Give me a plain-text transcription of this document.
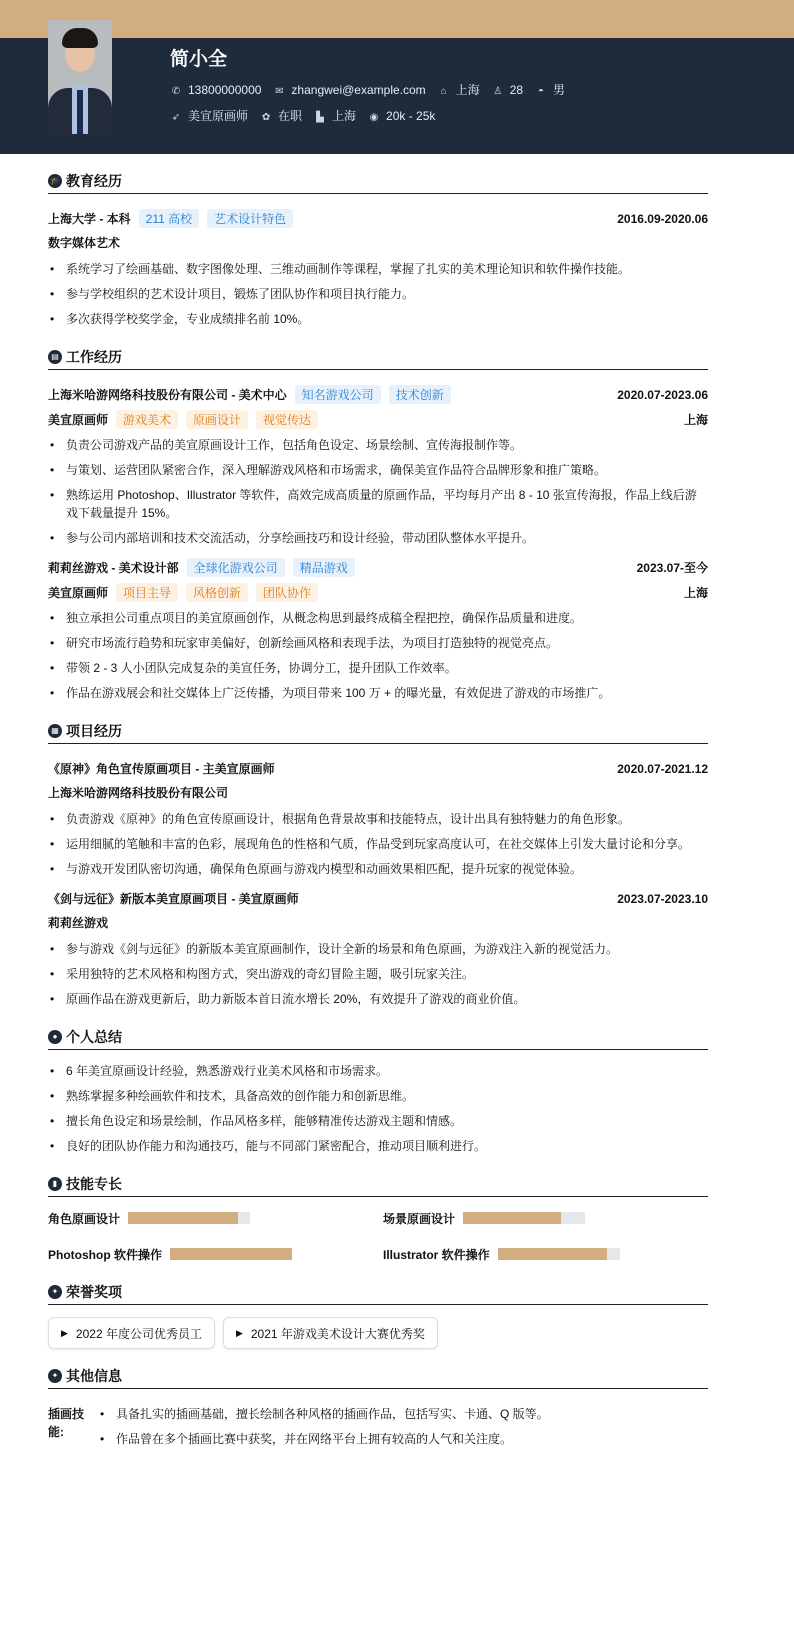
简小全
✆ 13800000000 ✉ zhangwei@example.com ⌂ 上海 ♙ 28 ◓ 男
➶ 美宣原画师 ✿ 在职 ▙ 上海 ◉ 20k - 25k
🎓 教育经历
上海大学 - 本科	211 高校	艺术设计特色	2016.09-2020.06
数字媒体艺术
• 系统学习了绘画基础、数字图像处理、三维动画制作等课程，掌握了扎实的美术理论知识和软件操作技能。
• 参与学校组织的艺术设计项目，锻炼了团队协作和项目执行能力。
• 多次获得学校奖学金，专业成绩排名前 10%。
▤ 工作经历
上海米哈游网络科技股份有限公司 - 美术中心	知名游戏公司	技术创新	2020.07-2023.06
美宣原画师	游戏美术	原画设计	视觉传达	上海
• 负责公司游戏产品的美宣原画设计工作，包括角色设定、场景绘制、宣传海报制作等。
• 与策划、运营团队紧密合作，深入理解游戏风格和市场需求，确保美宣作品符合品牌形象和推广策略。
• 熟练运用 Photoshop、Illustrator 等软件，高效完成高质量的原画作品，平均每月产出 8 - 10 张宣传海报，作品上线后游戏下载量提升 15%。
• 参与公司内部培训和技术交流活动，分享绘画技巧和设计经验，带动团队整体水平提升。
莉莉丝游戏 - 美术设计部	全球化游戏公司	精品游戏	2023.07-至今
美宣原画师	项目主导	风格创新	团队协作	上海
• 独立承担公司重点项目的美宣原画创作，从概念构思到最终成稿全程把控，确保作品质量和进度。
• 研究市场流行趋势和玩家审美偏好，创新绘画风格和表现手法，为项目打造独特的视觉亮点。
• 带领 2 - 3 人小团队完成复杂的美宣任务，协调分工，提升团队工作效率。
• 作品在游戏展会和社交媒体上广泛传播，为项目带来 100 万 + 的曝光量，有效促进了游戏的市场推广。
▦ 项目经历
《原神》角色宣传原画项目 - 主美宣原画师	2020.07-2021.12
上海米哈游网络科技股份有限公司
• 负责游戏《原神》的角色宣传原画设计，根据角色背景故事和技能特点，设计出具有独特魅力的角色形象。
• 运用细腻的笔触和丰富的色彩，展现角色的性格和气质，作品受到玩家高度认可，在社交媒体上引发大量讨论和分享。
• 与游戏开发团队密切沟通，确保角色原画与游戏内模型和动画效果相匹配，提升玩家的视觉体验。
《剑与远征》新版本美宣原画项目 - 美宣原画师	2023.07-2023.10
莉莉丝游戏
• 参与游戏《剑与远征》的新版本美宣原画制作，设计全新的场景和角色原画，为游戏注入新的视觉活力。
• 采用独特的艺术风格和构图方式，突出游戏的奇幻冒险主题，吸引玩家关注。
• 原画作品在游戏更新后，助力新版本首日流水增长 20%，有效提升了游戏的商业价值。
● 个人总结
• 6 年美宣原画设计经验，熟悉游戏行业美术风格和市场需求。
• 熟练掌握多种绘画软件和技术，具备高效的创作能力和创新思维。
• 擅长角色设定和场景绘制，作品风格多样，能够精准传达游戏主题和情感。
• 良好的团队协作能力和沟通技巧，能与不同部门紧密配合，推动项目顺利进行。
▮ 技能专长
角色原画设计	场景原画设计
Photoshop 软件操作	Illustrator 软件操作
✦ 荣誉奖项
▶ 2022 年度公司优秀员工	▶ 2021 年游戏美术设计大赛优秀奖
✦ 其他信息
插画技能:
• 具备扎实的插画基础，擅长绘制各种风格的插画作品，包括写实、卡通、Q 版等。
• 作品曾在多个插画比赛中获奖，并在网络平台上拥有较高的人气和关注度。
